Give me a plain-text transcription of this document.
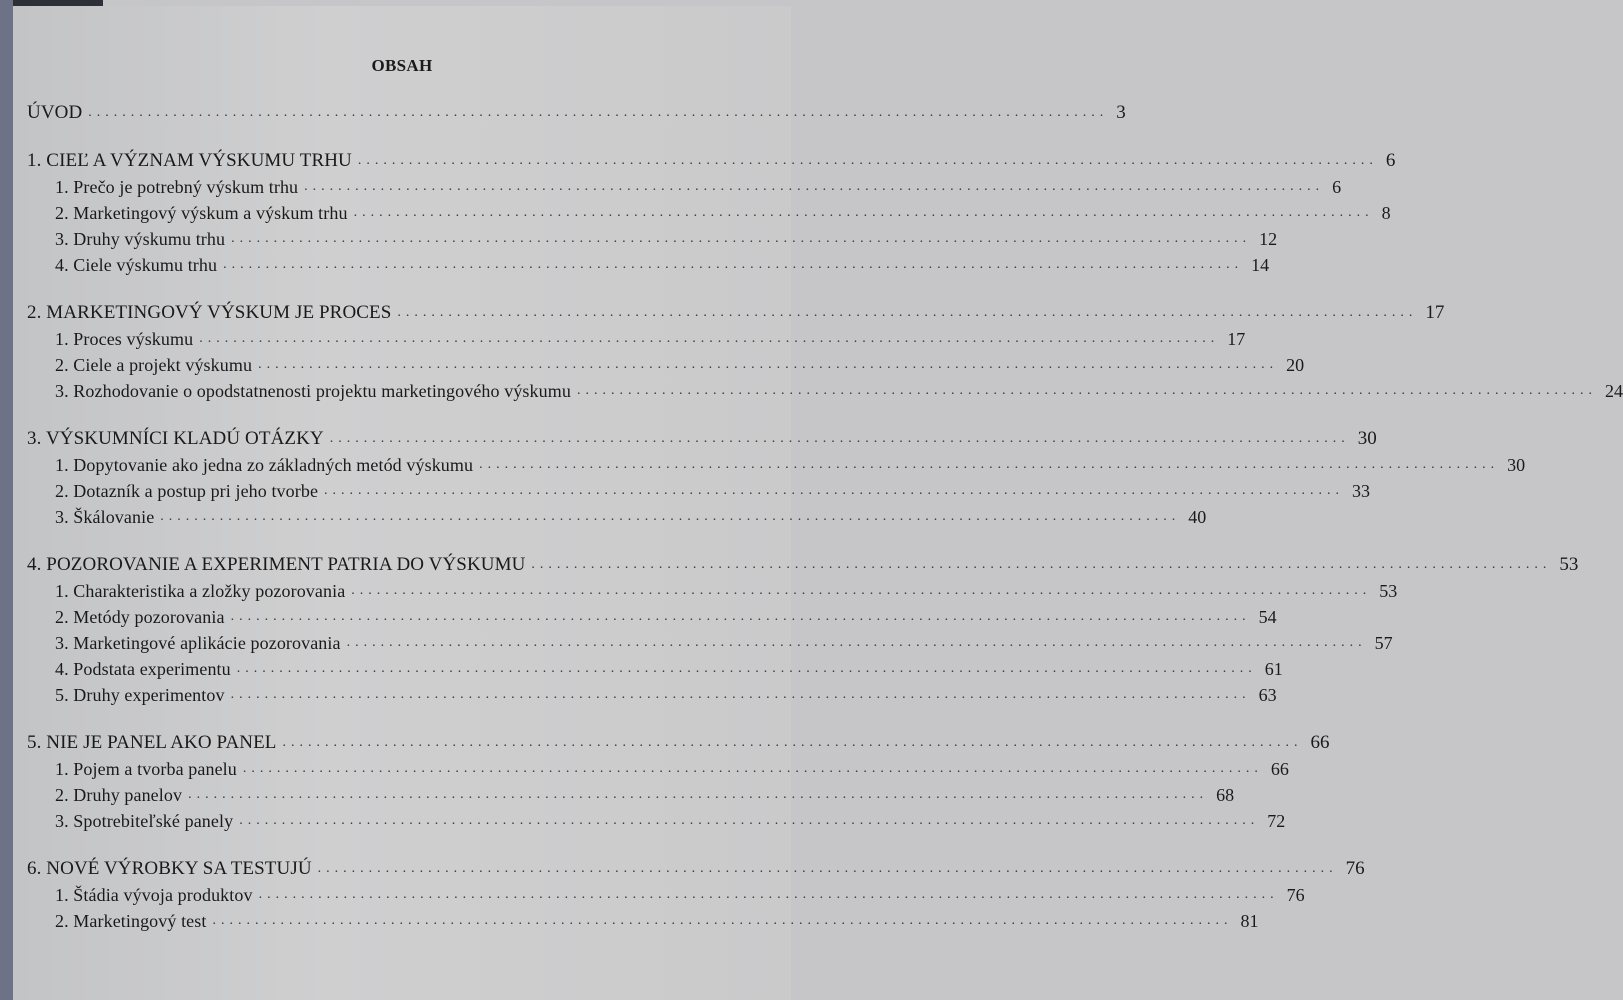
OBSAH
ÚVOD ........................................................................................................................ 3
1. CIEĽ A VÝZNAM VÝSKUMU TRHU ........................................................................................................................ 6
1. Prečo je potrebný výskum trhu ........................................................................................................................ 6
2. Marketingový výskum a výskum trhu ........................................................................................................................ 8
3. Druhy výskumu trhu ........................................................................................................................ 12
4. Ciele výskumu trhu ........................................................................................................................ 14
2. MARKETINGOVÝ VÝSKUM JE PROCES ........................................................................................................................ 17
1. Proces výskumu ........................................................................................................................ 17
2. Ciele a projekt výskumu ........................................................................................................................ 20
3. Rozhodovanie o opodstatnenosti projektu marketingového výskumu ........................................................................................................................ 24
3. VÝSKUMNÍCI KLADÚ OTÁZKY ........................................................................................................................ 30
1. Dopytovanie ako jedna zo základných metód výskumu ........................................................................................................................ 30
2. Dotazník a postup pri jeho tvorbe ........................................................................................................................ 33
3. Škálovanie ........................................................................................................................ 40
4. POZOROVANIE A EXPERIMENT PATRIA DO VÝSKUMU ........................................................................................................................ 53
1. Charakteristika a zložky pozorovania ........................................................................................................................ 53
2. Metódy pozorovania ........................................................................................................................ 54
3. Marketingové aplikácie pozorovania ........................................................................................................................ 57
4. Podstata experimentu ........................................................................................................................ 61
5. Druhy experimentov ........................................................................................................................ 63
5. NIE JE PANEL AKO PANEL ........................................................................................................................ 66
1. Pojem a tvorba panelu ........................................................................................................................ 66
2. Druhy panelov ........................................................................................................................ 68
3. Spotrebiteľské panely ........................................................................................................................ 72
6. NOVÉ VÝROBKY SA TESTUJÚ ........................................................................................................................ 76
1. Štádia vývoja produktov ........................................................................................................................ 76
2. Marketingový test ........................................................................................................................ 81
